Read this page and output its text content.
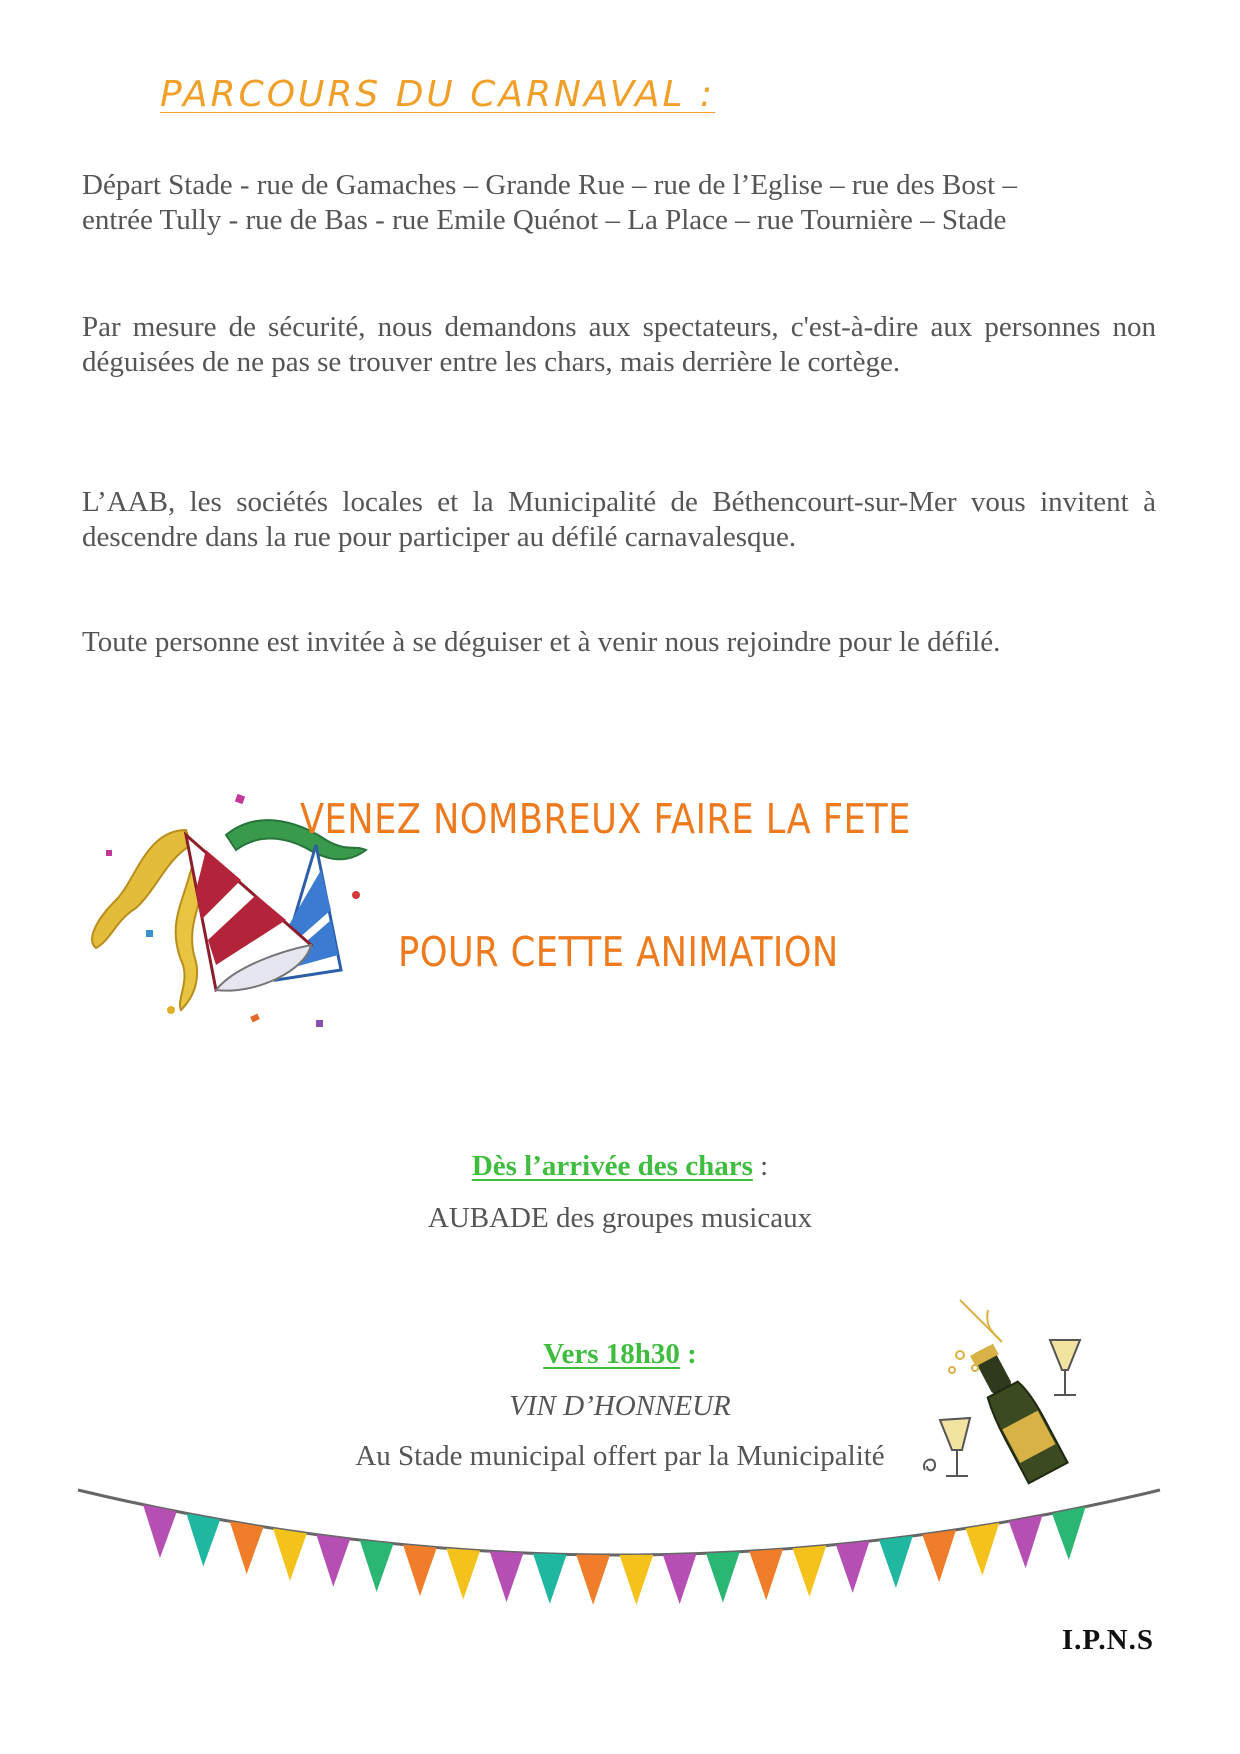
PARCOURS DU CARNAVAL :

Départ Stade - rue de Gamaches – Grande Rue – rue de l’Eglise – rue des Bost –
entrée Tully - rue de Bas - rue Emile Quénot – La Place – rue Tournière – Stade

Par mesure de sécurité, nous demandons aux spectateurs, c'est-à-dire aux personnes non déguisées de ne pas se trouver entre les chars, mais derrière le cortège.

L’AAB, les sociétés locales et la Municipalité de Béthencourt-sur-Mer vous invitent à descendre dans la rue pour participer au défilé carnavalesque.

Toute personne est invitée à se déguiser et à venir nous rejoindre pour le défilé.

VENEZ NOMBREUX FAIRE LA FETE
POUR CETTE ANIMATION
Dès l’arrivée des chars :
AUBADE des groupes musicaux
Vers 18h30 :
VIN D’HONNEUR
Au Stade municipal offert par la Municipalité
I.P.N.S
